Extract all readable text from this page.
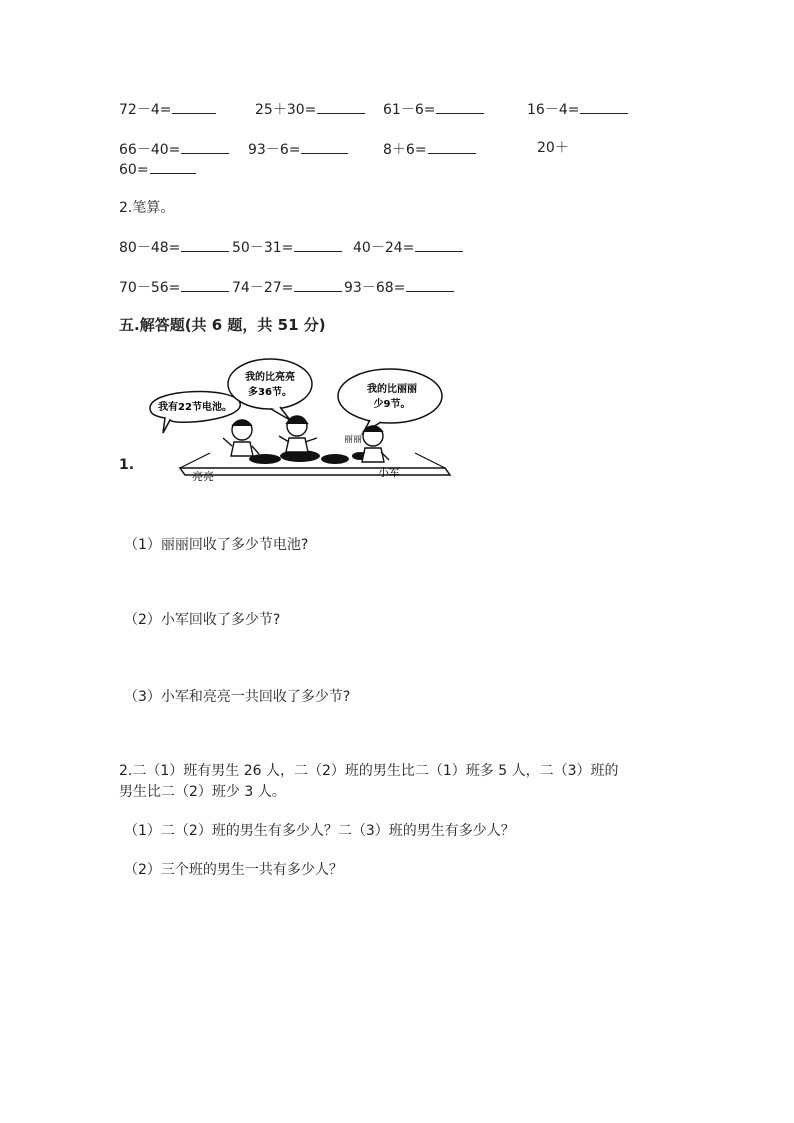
72－4=	25＋30=	61－6=	16－4=
66－40=	93－6=	8＋6=	20＋
60=
2.笔算。
80－48=	50－31=	40－24=
70－56=	74－27=	93－68=
五.解答题(共 6 题，共 51 分)
1.
我有22节电池。
我的比亮亮
多36节。	我的比丽丽
少9节。
亮亮
丽丽
小军
（1）丽丽回收了多少节电池?
（2）小军回收了多少节?
（3）小军和亮亮一共回收了多少节?
2.二（1）班有男生 26 人，二（2）班的男生比二（1）班多 5 人，二（3）班的
男生比二（2）班少 3 人。
（1）二（2）班的男生有多少人？二（3）班的男生有多少人？
（2）三个班的男生一共有多少人？
